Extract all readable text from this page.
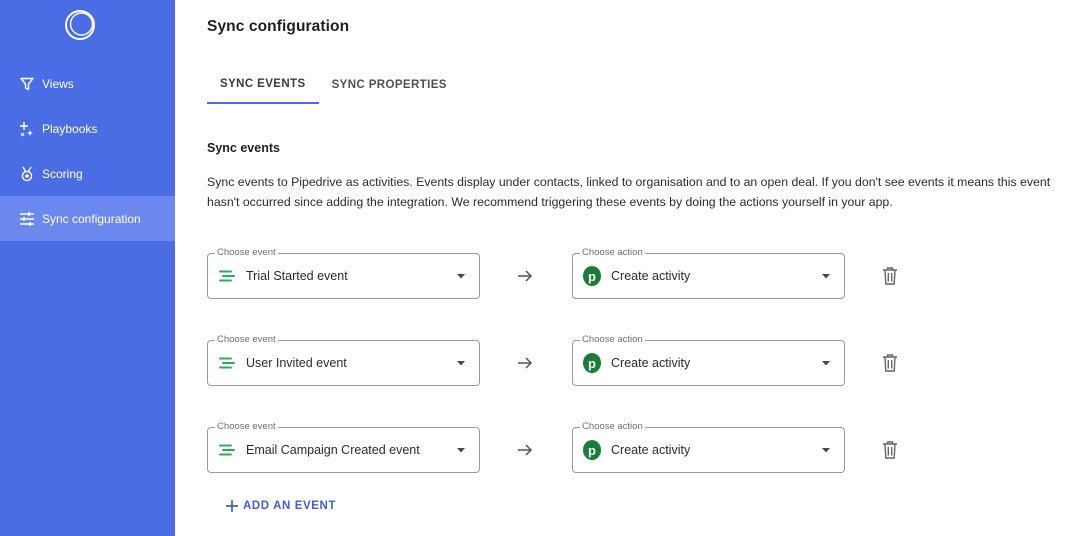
Views
Playbooks
Scoring
Sync configuration
Sync configuration
SYNC EVENTS	SYNC PROPERTIES
Sync events
Sync events to Pipedrive as activities. Events display under contacts, linked to organisation and to an open deal. If you don't see events it means this event hasn't occurred since adding the integration. We recommend triggering these events by doing the actions yourself in your app.
Choose event
Trial Started event
Choose action
p	Create activity
Choose event
User Invited event
Choose action
p	Create activity
Choose event
Email Campaign Created event
Choose action
p	Create activity
ADD AN EVENT
